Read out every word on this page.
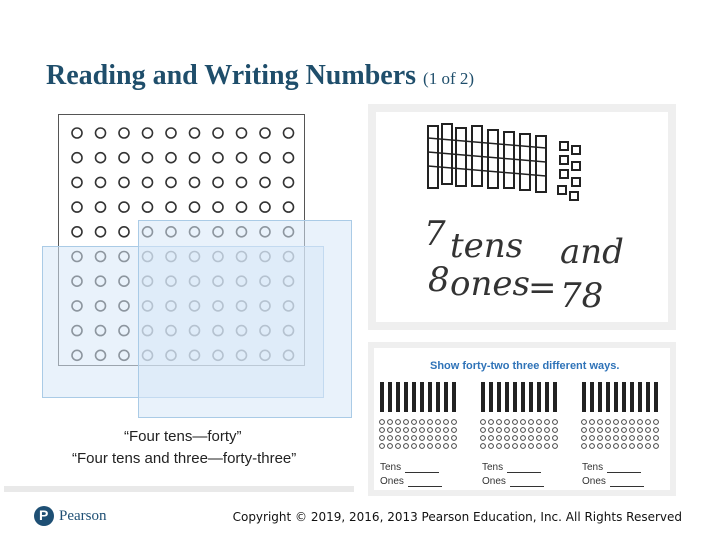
Reading and Writing Numbers (1 of 2)
“Four tens—forty”
“Four tens and three—forty-three”
7 tens and
8 ones
= 78
Show forty-two three different ways.
Tens
Ones
Tens
Ones
Tens
Ones
P Pearson	Copyright © 2019, 2016, 2013 Pearson Education, Inc. All Rights Reserved
